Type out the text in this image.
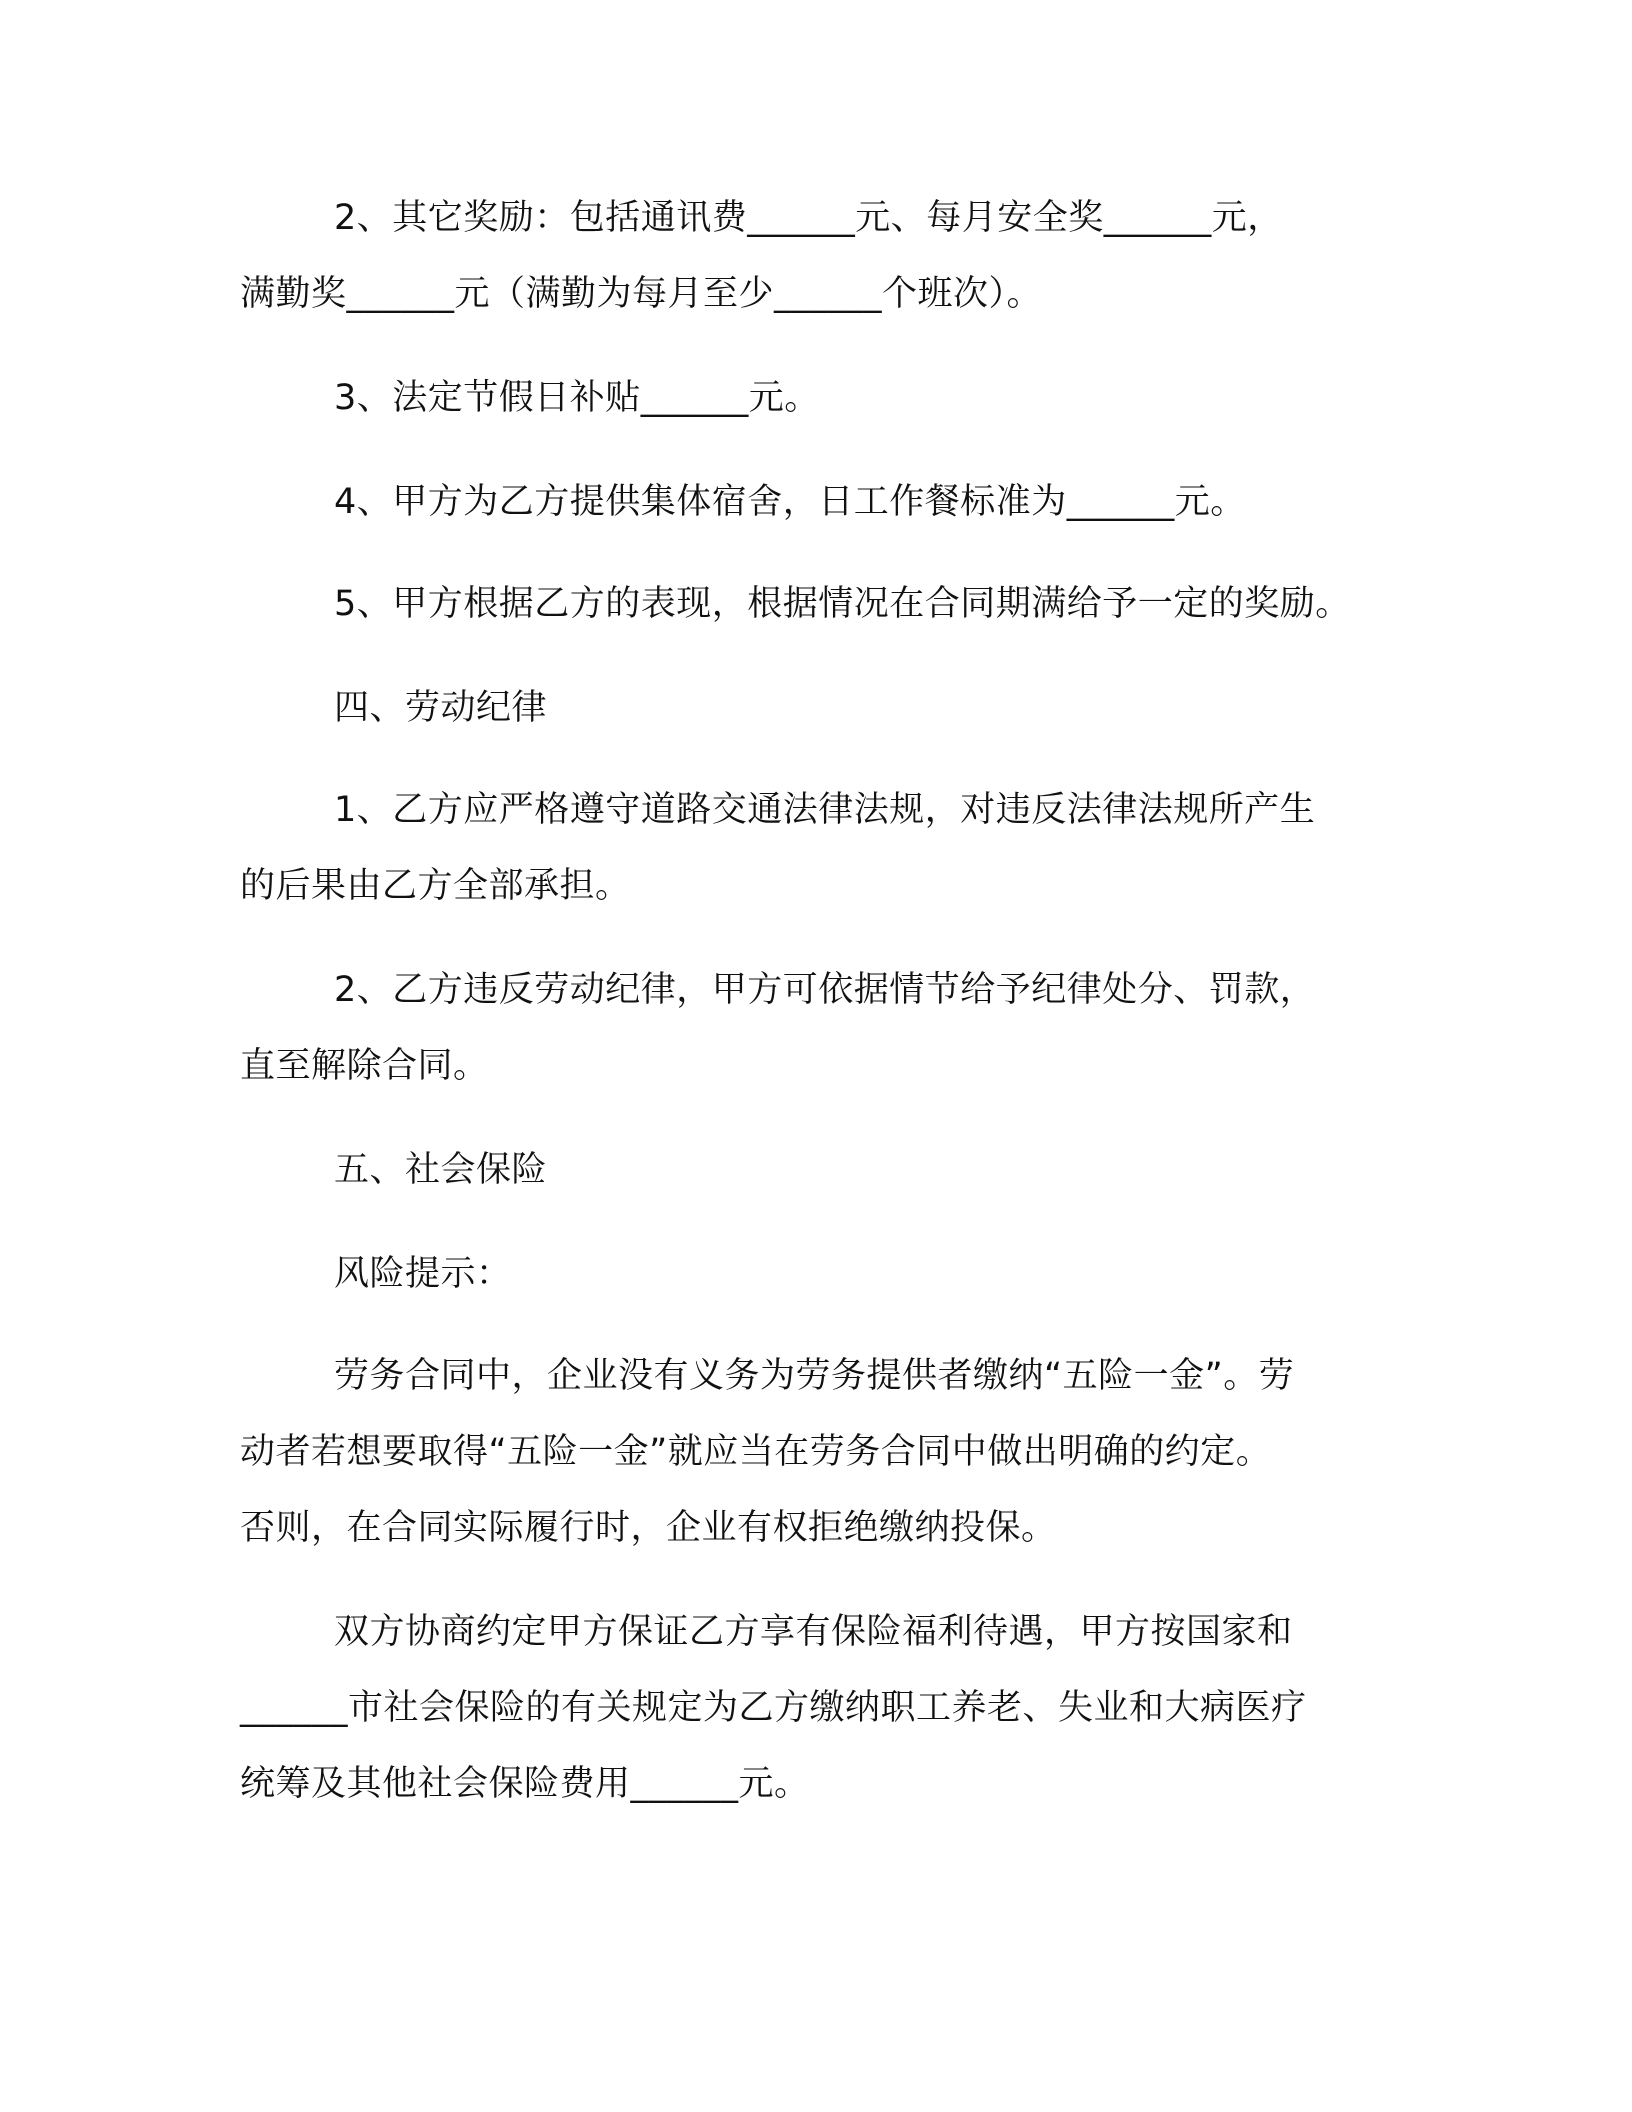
2、其它奖励：包括通讯费______元、每月安全奖______元，
满勤奖______元（满勤为每月至少______个班次）。
3、法定节假日补贴______元。
4、甲方为乙方提供集体宿舍，日工作餐标准为______元。
5、甲方根据乙方的表现，根据情况在合同期满给予一定的奖励。
四、劳动纪律
1、乙方应严格遵守道路交通法律法规，对违反法律法规所产生
的后果由乙方全部承担。
2、乙方违反劳动纪律，甲方可依据情节给予纪律处分、罚款，
直至解除合同。
五、社会保险
风险提示：
劳务合同中，企业没有义务为劳务提供者缴纳“五险一金”。劳
动者若想要取得“五险一金”就应当在劳务合同中做出明确的约定。
否则，在合同实际履行时，企业有权拒绝缴纳投保。
双方协商约定甲方保证乙方享有保险福利待遇，甲方按国家和
______市社会保险的有关规定为乙方缴纳职工养老、失业和大病医疗
统筹及其他社会保险费用______元。
